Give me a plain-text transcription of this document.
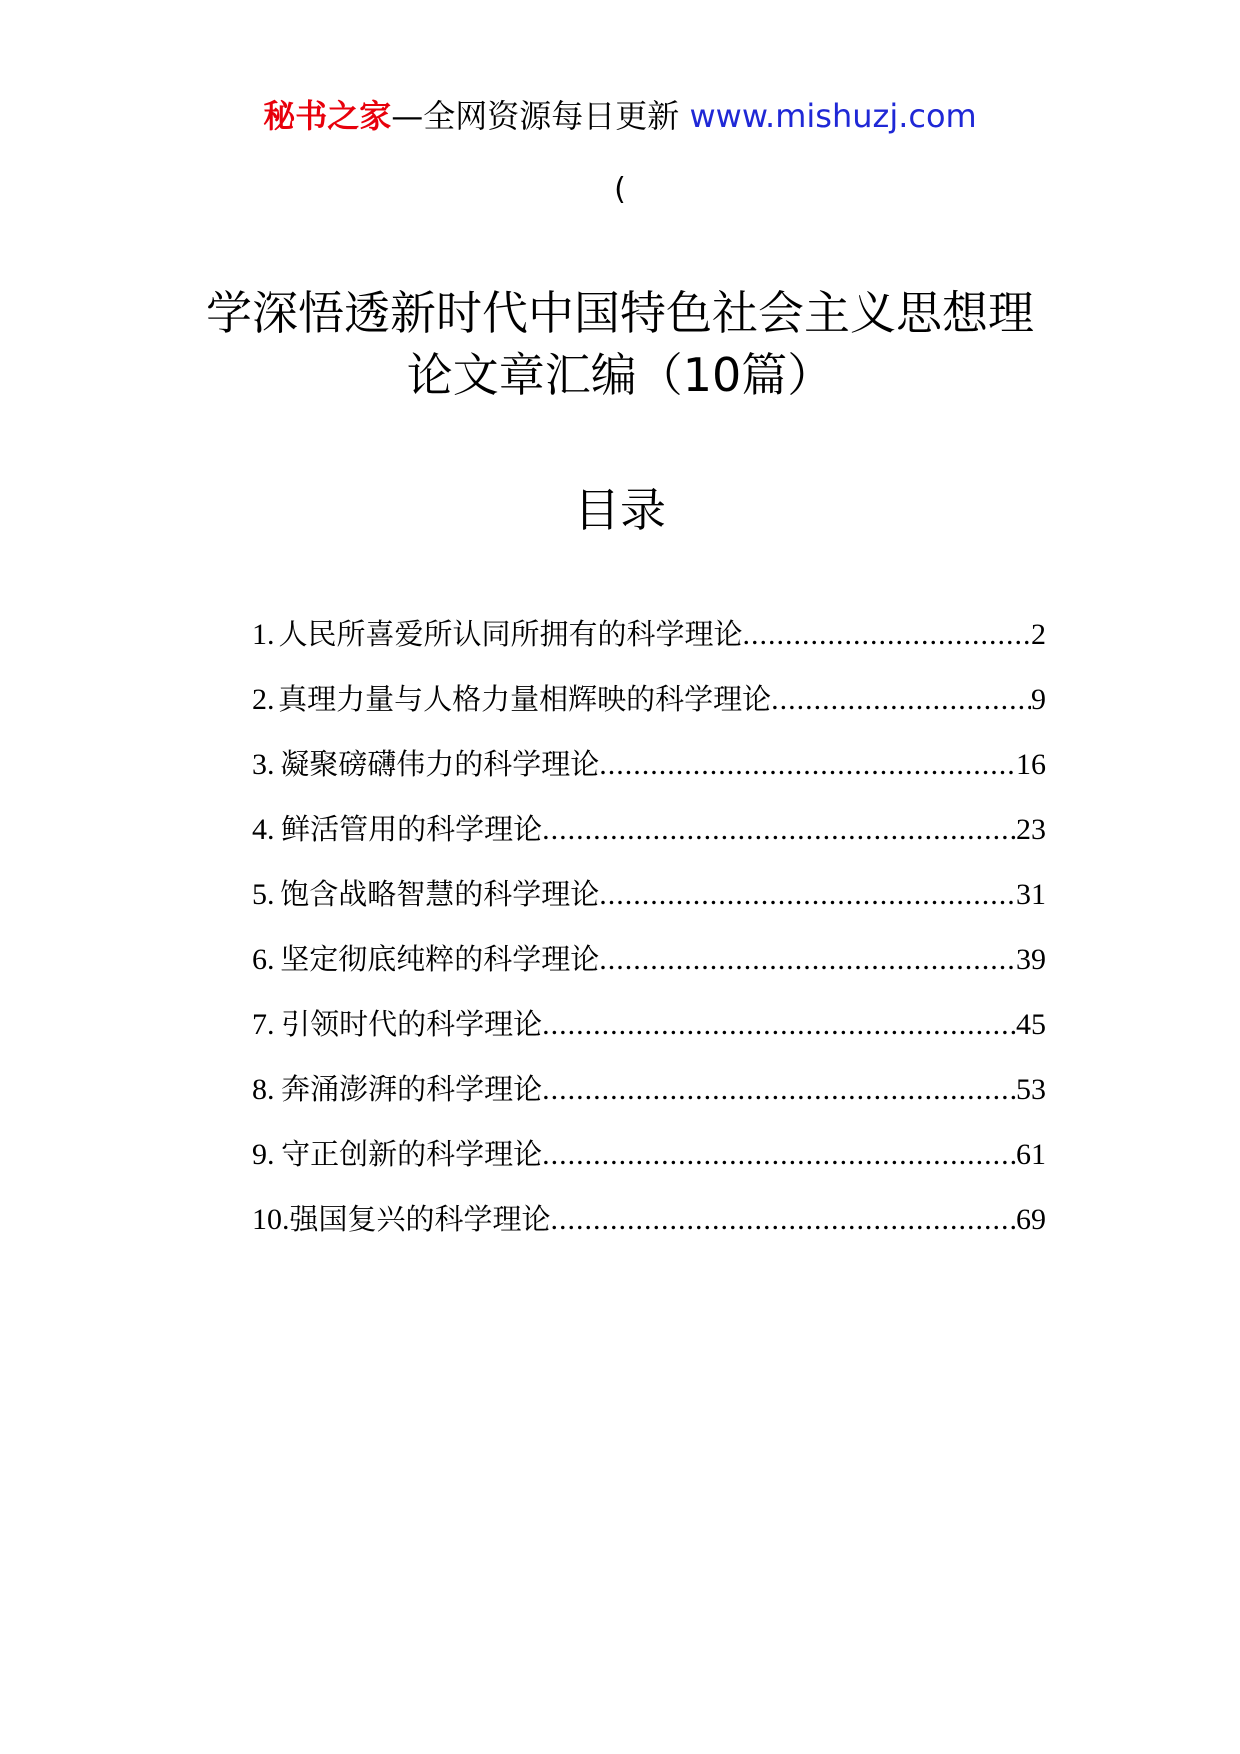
秘书之家—全网资源每日更新 www.mishuzj.com
(
学深悟透新时代中国特色社会主义思想理
论文章汇编（10篇）
目录
1. 人民所喜爱所认同所拥有的科学理论 .....	2
2. 真理力量与人格力量相辉映的科学理论 .....	9
3. 凝聚磅礴伟力的科学理论 .....	16
4. 鲜活管用的科学理论 .....	23
5. 饱含战略智慧的科学理论 .....	31
6. 坚定彻底纯粹的科学理论 .....	39
7. 引领时代的科学理论 .....	45
8. 奔涌澎湃的科学理论 .....	53
9. 守正创新的科学理论 .....	61
10. 强国复兴的科学理论 .....	69
